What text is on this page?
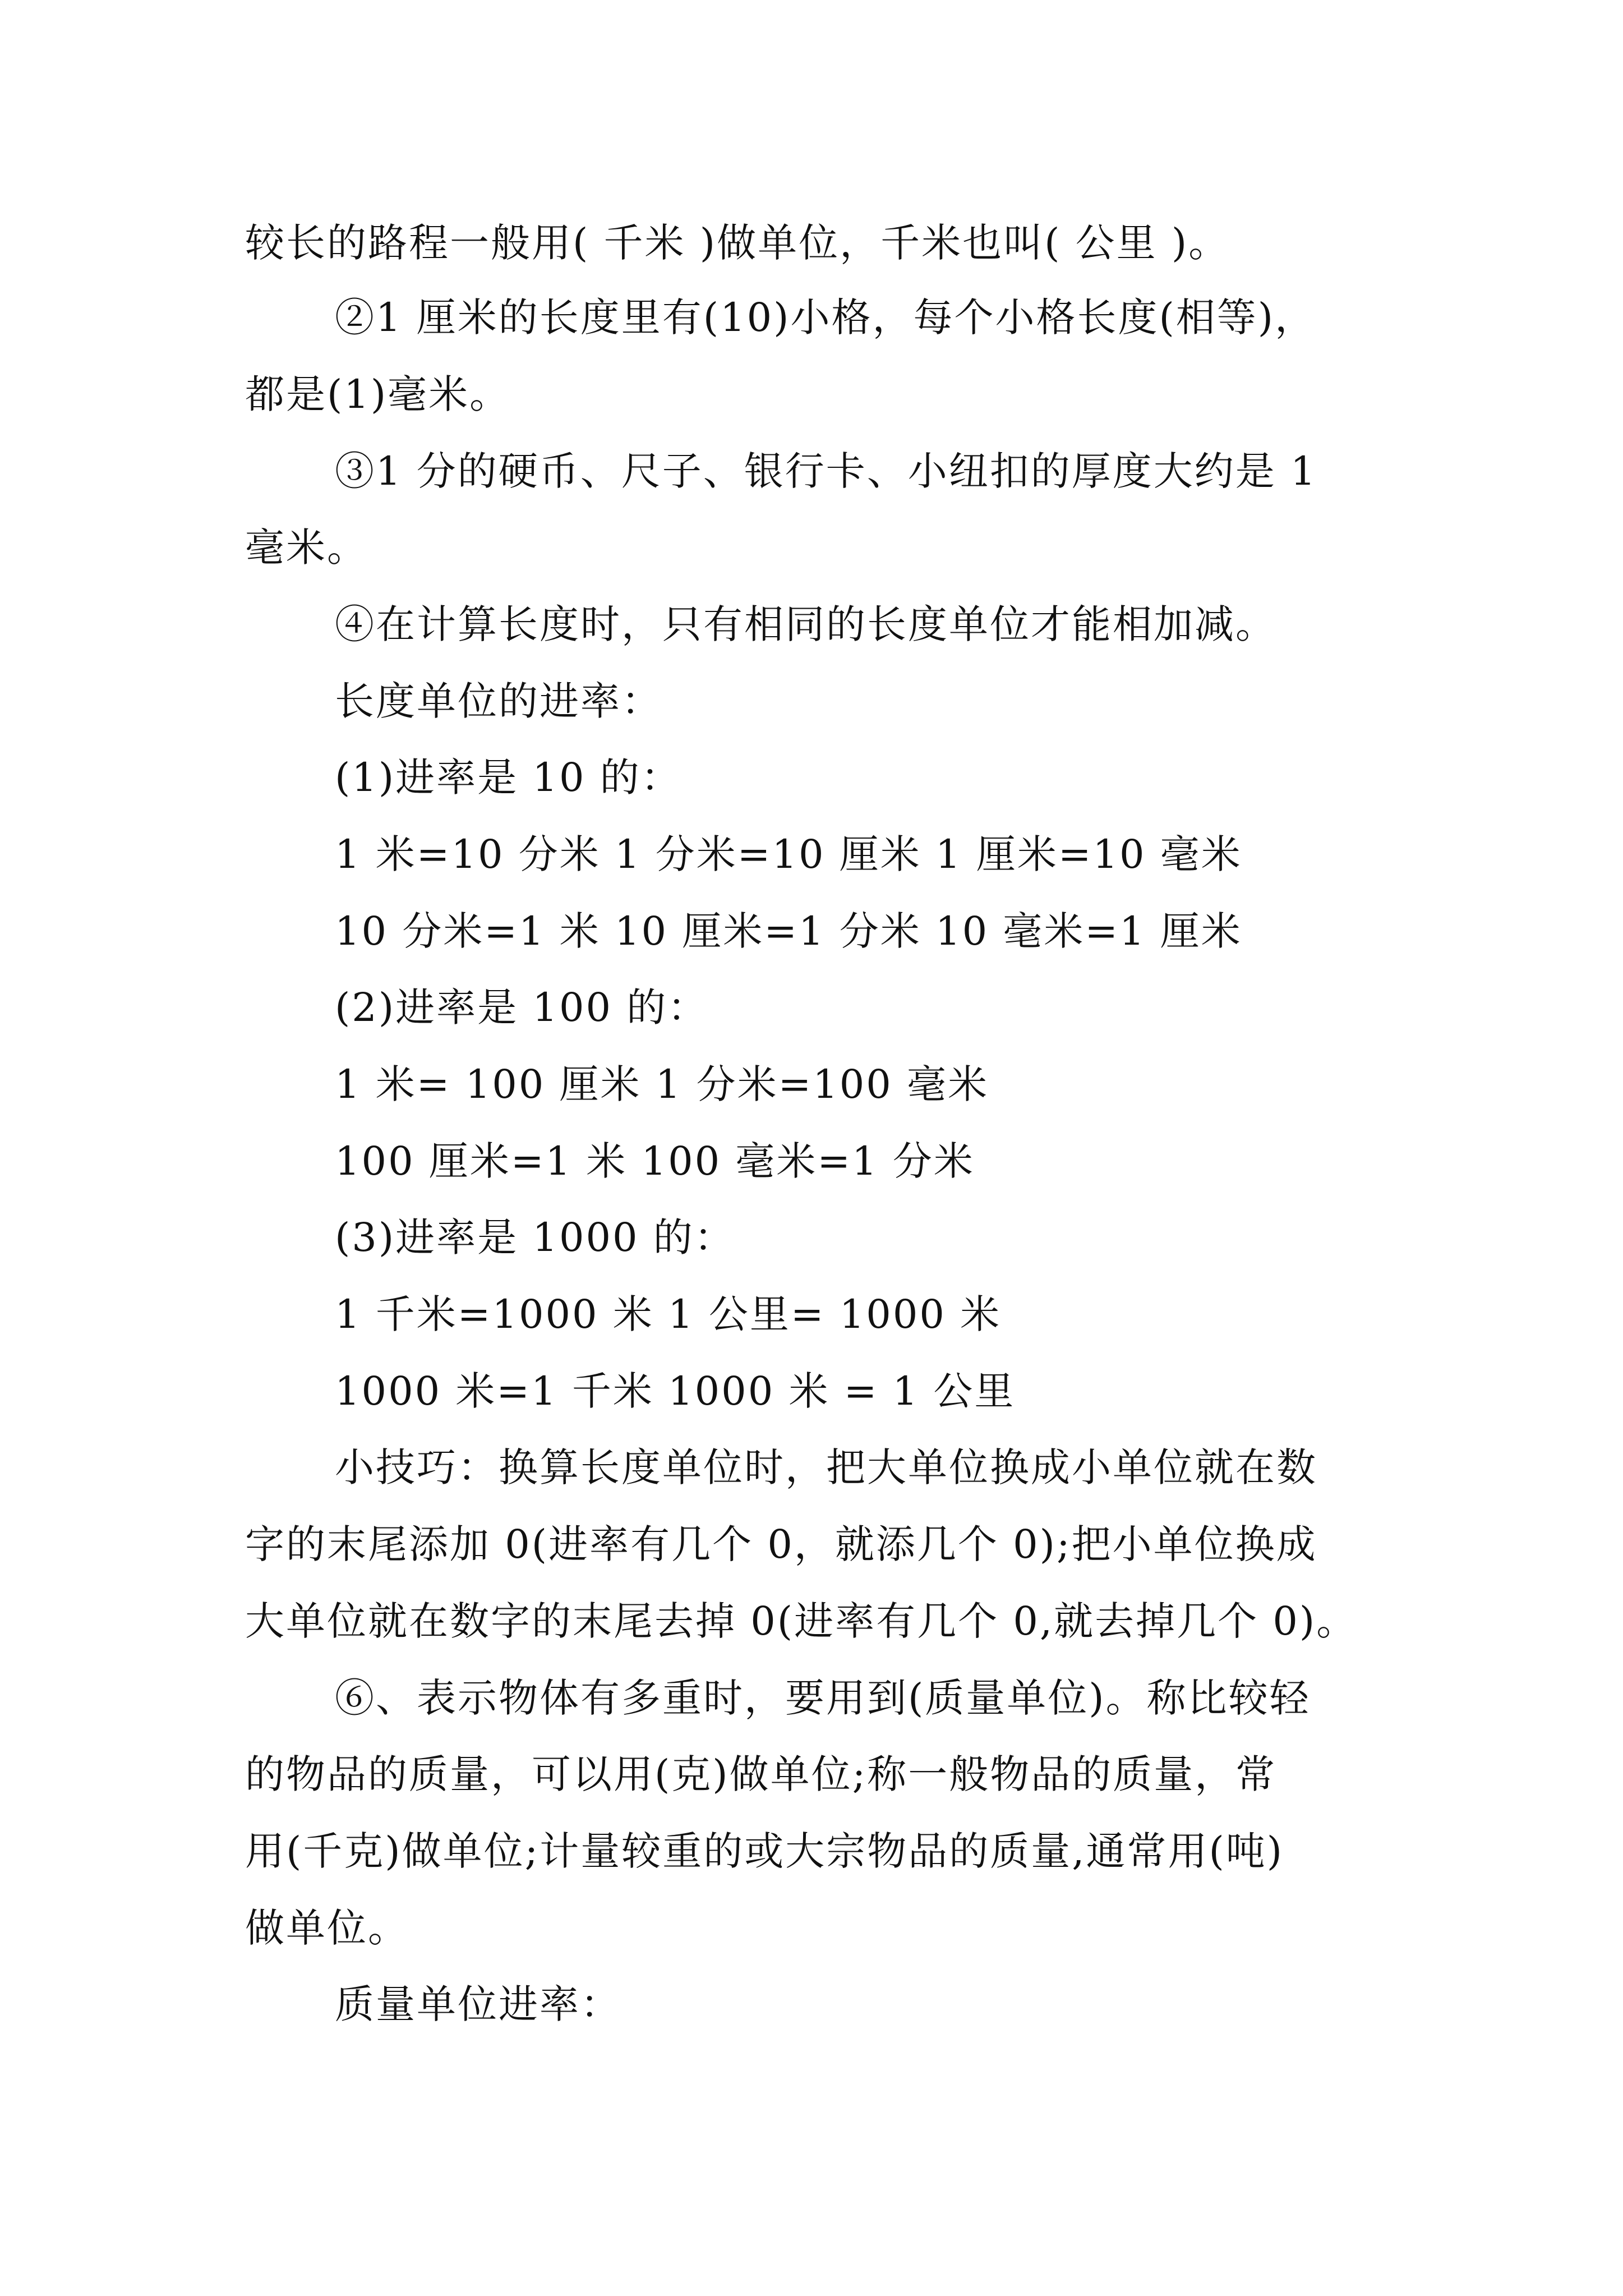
较长的路程一般用( 千米 )做单位，千米也叫( 公里 )。
②1 厘米的长度里有(10)小格，每个小格长度(相等)，
都是(1)毫米。
③1 分的硬币、尺子、银行卡、小纽扣的厚度大约是 1
毫米。
④在计算长度时，只有相同的长度单位才能相加减。
长度单位的进率：
(1)进率是 10 的：
1 米=10 分米 1 分米=10 厘米 1 厘米=10 毫米
10 分米=1 米 10 厘米=1 分米 10 毫米=1 厘米
(2)进率是 100 的：
1 米= 100 厘米 1 分米=100 毫米
100 厘米=1 米 100 毫米=1 分米
(3)进率是 1000 的：
1 千米=1000 米 1 公里= 1000 米
1000 米=1 千米 1000 米 = 1 公里
小技巧：换算长度单位时，把大单位换成小单位就在数
字的末尾添加 0(进率有几个 0，就添几个 0);把小单位换成
大单位就在数字的末尾去掉 0(进率有几个 0,就去掉几个 0)。
⑥、表示物体有多重时，要用到(质量单位)。称比较轻
的物品的质量，可以用(克)做单位;称一般物品的质量，常
用(千克)做单位;计量较重的或大宗物品的质量,通常用(吨)
做单位。
质量单位进率：
